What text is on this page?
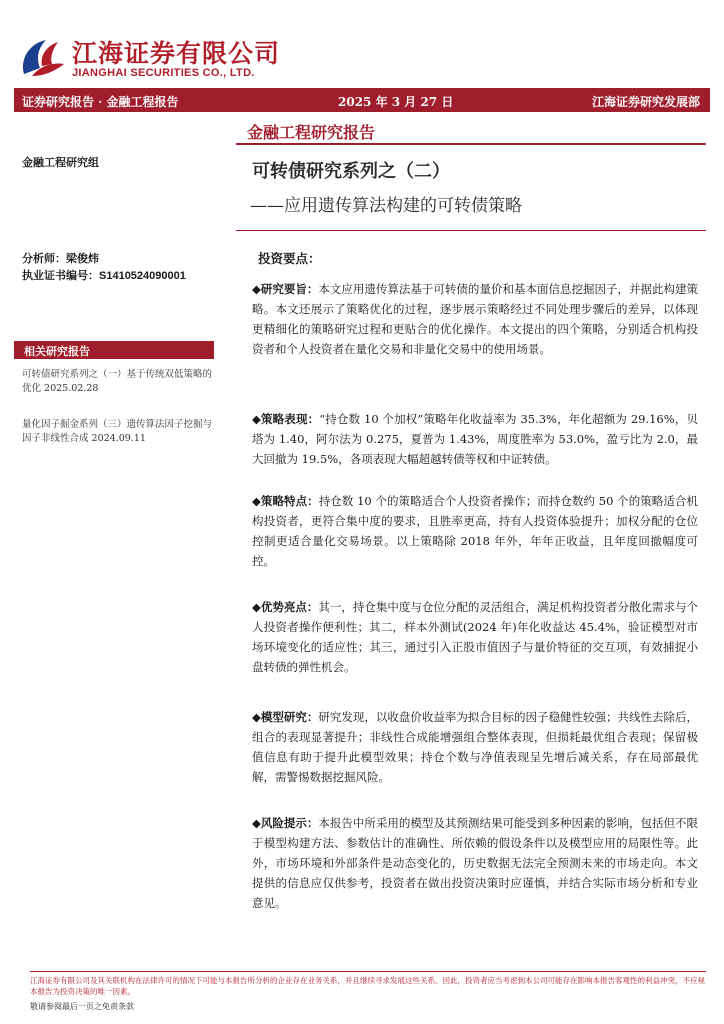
江海证券有限公司
JIANGHAI SECURITIES CO., LTD.
证券研究报告 · 金融工程报告	2025 年 3 月 27 日	江海证券研究发展部
金融工程研究报告
金融工程研究组	可转债研究系列之（二）
——应用遗传算法构建的可转债策略
分析师：梁俊炜
执业证书编号：S1410524090001
相关研究报告
可转债研究系列之（一）基于传统双低策略的优化 2025.02.28
量化因子掘金系列（三）遗传算法因子挖掘与因子非线性合成 2024.09.11
投资要点：
◆研究要旨：本文应用遗传算法基于可转债的量价和基本面信息挖掘因子，并据此构建策略。本文还展示了策略优化的过程，逐步展示策略经过不同处理步骤后的差异，以体现更精细化的策略研究过程和更贴合的优化操作。本文提出的四个策略，分别适合机构投资者和个人投资者在量化交易和非量化交易中的使用场景。
◆策略表现：“持仓数 10 个加权”策略年化收益率为 35.3%，年化超额为 29.16%，贝塔为 1.40，阿尔法为 0.275，夏普为 1.43%，周度胜率为 53.0%，盈亏比为 2.0，最大回撤为 19.5%，各项表现大幅超越转债等权和中证转债。
◆策略特点：持仓数 10 个的策略适合个人投资者操作；而持仓数约 50 个的策略适合机构投资者，更符合集中度的要求，且胜率更高，持有人投资体验提升；加权分配的仓位控制更适合量化交易场景。以上策略除 2018 年外，年年正收益，且年度回撤幅度可控。
◆优势亮点：其一，持仓集中度与仓位分配的灵活组合，满足机构投资者分散化需求与个人投资者操作便利性；其二，样本外测试(2024 年)年化收益达 45.4%，验证模型对市场环境变化的适应性；其三，通过引入正股市值因子与量价特征的交互项，有效捕捉小盘转债的弹性机会。
◆模型研究：研究发现，以收盘价收益率为拟合目标的因子稳健性较强；共线性去除后，组合的表现显著提升；非线性合成能增强组合整体表现，但损耗最优组合表现；保留极值信息有助于提升此模型效果；持仓个数与净值表现呈先增后减关系，存在局部最优解，需警惕数据挖掘风险。
◆风险提示：本报告中所采用的模型及其预测结果可能受到多种因素的影响，包括但不限于模型构建方法、参数估计的准确性、所依赖的假设条件以及模型应用的局限性等。此外，市场环境和外部条件是动态变化的，历史数据无法完全预测未来的市场走向。本文提供的信息应仅供参考，投资者在做出投资决策时应谨慎，并结合实际市场分析和专业意见。
江海证券有限公司及其关联机构在法律许可的情况下可能与本报告所分析的企业存在业务关系，并且继续寻求发展这些关系。因此，投资者应当考虑到本公司可能存在影响本报告客观性的利益冲突，不应视本报告为投资决策的唯一因素。
敬请参阅最后一页之免责条款
